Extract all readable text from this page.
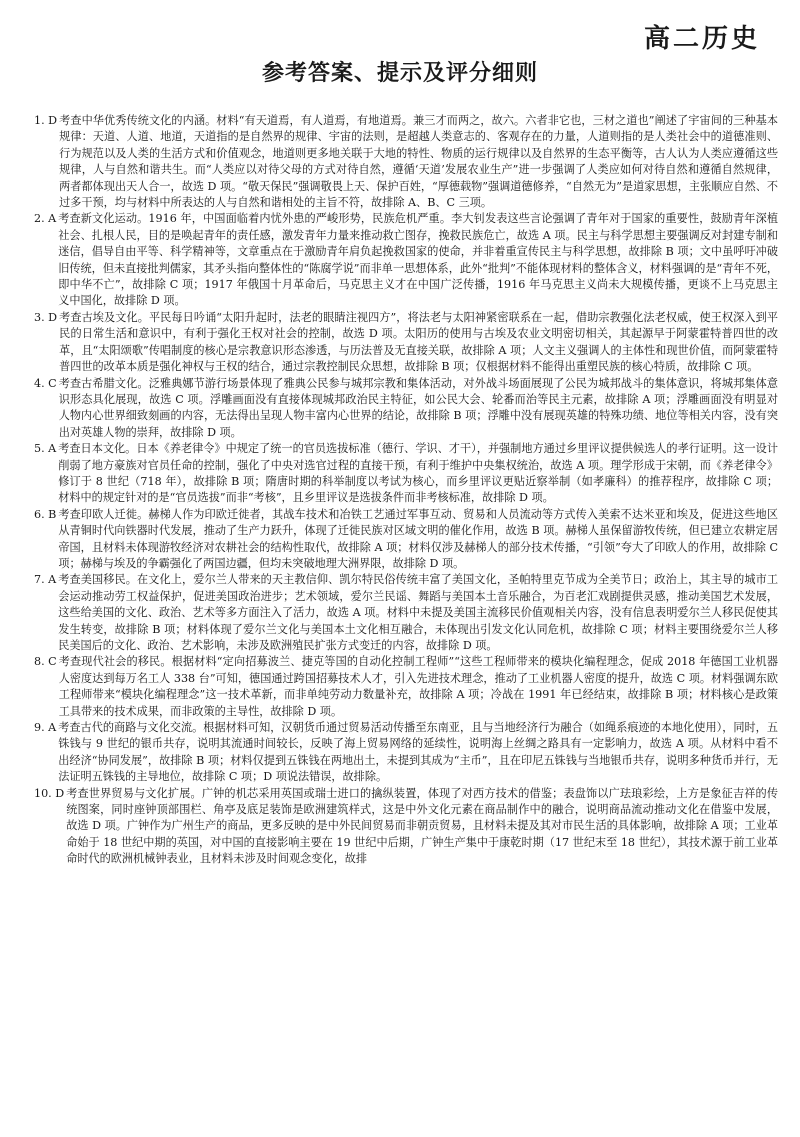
高二历史
参考答案、提示及评分细则
1. D 考查中华优秀传统文化的内涵。材料“有天道焉，有人道焉，有地道焉。兼三才而两之，故六。六者非它也，三材之道也”阐述了宇宙间的三种基本规律：天道、人道、地道，天道指的是自然界的规律、宇宙的法则，是超越人类意志的、客观存在的力量，人道则指的是人类社会中的道德准则、行为规范以及人类的生活方式和价值观念，地道则更多地关联于大地的特性、物质的运行规律以及自然界的生态平衡等，古人认为人类应遵循这些规律，人与自然和谐共生。而“人类应以对待父母的方式对待自然，遵循‘天道’发展农业生产”进一步强调了人类应如何对待自然和遵循自然规律，两者都体现出天人合一，故选 D 项。“敬天保民”强调敬畏上天、保护百姓，“厚德载物”强调道德修养，“自然无为”是道家思想，主张顺应自然、不过多干预，均与材料中所表达的人与自然和谐相处的主旨不符，故排除 A、B、C 三项。
2. A 考查新文化运动。1916 年，中国面临着内忧外患的严峻形势，民族危机严重。李大钊发表这些言论强调了青年对于国家的重要性，鼓励青年深植社会、扎根人民，目的是唤起青年的责任感，激发青年力量来推动救亡图存，挽救民族危亡，故选 A 项。民主与科学思想主要强调反对封建专制和迷信，倡导自由平等、科学精神等，文章重点在于激励青年肩负起挽救国家的使命，并非着重宣传民主与科学思想，故排除 B 项；文中虽呼吁冲破旧传统，但未直接批判儒家，其矛头指向整体性的“陈腐学说”而非单一思想体系，此外“批判”不能体现材料的整体含义，材料强调的是“青年不死，即中华不亡”，故排除 C 项；1917 年俄国十月革命后，马克思主义才在中国广泛传播，1916 年马克思主义尚未大规模传播，更谈不上马克思主义中国化，故排除 D 项。
3. D 考查古埃及文化。平民每日吟诵“太阳升起时，法老的眼睛注视四方”，将法老与太阳神紧密联系在一起，借助宗教强化法老权威，使王权深入到平民的日常生活和意识中，有利于强化王权对社会的控制，故选 D 项。太阳历的使用与古埃及农业文明密切相关，其起源早于阿蒙霍特普四世的改革，且“太阳颂歌”传唱制度的核心是宗教意识形态渗透，与历法普及无直接关联，故排除 A 项；人文主义强调人的主体性和现世价值，而阿蒙霍特普四世的改革本质是强化神权与王权的结合，通过宗教控制民众思想，故排除 B 项；仅根据材料不能得出重塑民族的核心特质，故排除 C 项。
4. C 考查古希腊文化。泛雅典娜节游行场景体现了雅典公民参与城邦宗教和集体活动，对外战斗场面展现了公民为城邦战斗的集体意识，将城邦集体意识形态具化展现，故选 C 项。浮雕画面没有直接体现城邦政治民主特征，如公民大会、轮番而治等民主元素，故排除 A 项；浮雕画面没有明显对人物内心世界细致刻画的内容，无法得出呈现人物丰富内心世界的结论，故排除 B 项；浮雕中没有展现英雄的特殊功绩、地位等相关内容，没有突出对英雄人物的崇拜，故排除 D 项。
5. A 考查日本文化。日本《养老律令》中规定了统一的官员选拔标准（德行、学识、才干），并强制地方通过乡里评议提供候选人的孝行证明。这一设计削弱了地方豪族对官员任命的控制，强化了中央对选官过程的直接干预，有利于维护中央集权统治，故选 A 项。理学形成于宋朝，而《养老律令》修订于 8 世纪（718 年），故排除 B 项；隋唐时期的科举制度以考试为核心，而乡里评议更贴近察举制（如孝廉科）的推荐程序，故排除 C 项；材料中的规定针对的是“官员选拔”而非“考核”，且乡里评议是选拔条件而非考核标准，故排除 D 项。
6. B 考查印欧人迁徙。赫梯人作为印欧迁徙者，其战车技术和冶铁工艺通过军事互动、贸易和人员流动等方式传入美索不达米亚和埃及，促进这些地区从青铜时代向铁器时代发展，推动了生产力跃升，体现了迁徙民族对区域文明的催化作用，故选 B 项。赫梯人虽保留游牧传统，但已建立农耕定居帝国，且材料未体现游牧经济对农耕社会的结构性取代，故排除 A 项；材料仅涉及赫梯人的部分技术传播，“引领”夸大了印欧人的作用，故排除 C 项；赫梯与埃及的争霸强化了两国边疆，但均未突破地理大洲界限，故排除 D 项。
7. A 考查美国移民。在文化上，爱尔兰人带来的天主教信仰、凯尔特民俗传统丰富了美国文化，圣帕特里克节成为全美节日；政治上，其主导的城市工会运动推动劳工权益保护，促进美国政治进步；艺术领域，爱尔兰民谣、舞蹈与美国本土音乐融合，为百老汇戏剧提供灵感，推动美国艺术发展，这些给美国的文化、政治、艺术等多方面注入了活力，故选 A 项。材料中未提及美国主流移民价值观相关内容，没有信息表明爱尔兰人移民促使其发生转变，故排除 B 项；材料体现了爱尔兰文化与美国本土文化相互融合，未体现出引发文化认同危机，故排除 C 项；材料主要围绕爱尔兰人移民美国后的文化、政治、艺术影响，未涉及欧洲殖民扩张方式变迁的内容，故排除 D 项。
8. C 考查现代社会的移民。根据材料“定向招募波兰、捷克等国的自动化控制工程师”“这些工程师带来的模块化编程理念，促成 2018 年德国工业机器人密度达到每万名工人 338 台”可知，德国通过跨国招募技术人才，引入先进技术理念，推动了工业机器人密度的提升，故选 C 项。材料强调东欧工程师带来“模块化编程理念”这一技术革新，而非单纯劳动力数量补充，故排除 A 项；冷战在 1991 年已经结束，故排除 B 项；材料核心是政策工具带来的技术成果，而非政策的主导性，故排除 D 项。
9. A 考查古代的商路与文化交流。根据材料可知，汉朝货币通过贸易活动传播至东南亚，且与当地经济行为融合（如绳系痕迹的本地化使用），同时，五铢钱与 9 世纪的银币共存，说明其流通时间较长，反映了海上贸易网络的延续性，说明海上丝绸之路具有一定影响力，故选 A 项。从材料中看不出经济“协同发展”，故排除 B 项；材料仅提到五铢钱在两地出土，未提到其成为“主币”，且在印尼五铢钱与当地银币共存，说明多种货币并行，无法证明五铢钱的主导地位，故排除 C 项；D 项说法错误，故排除。
10. D 考查世界贸易与文化扩展。广钟的机芯采用英国或瑞士进口的擒纵装置，体现了对西方技术的借鉴；表盘饰以广珐琅彩绘，上方是象征吉祥的传统图案，同时座钟顶部围栏、角亭及底足装饰是欧洲建筑样式，这是中外文化元素在商品制作中的融合，说明商品流动推动文化在借鉴中发展，故选 D 项。广钟作为广州生产的商品，更多反映的是中外民间贸易而非朝贡贸易，且材料未提及其对市民生活的具体影响，故排除 A 项；工业革命始于 18 世纪中期的英国，对中国的直接影响主要在 19 世纪中后期，广钟生产集中于康乾时期（17 世纪末至 18 世纪），其技术源于前工业革命时代的欧洲机械钟表业，且材料未涉及时间观念变化，故排
